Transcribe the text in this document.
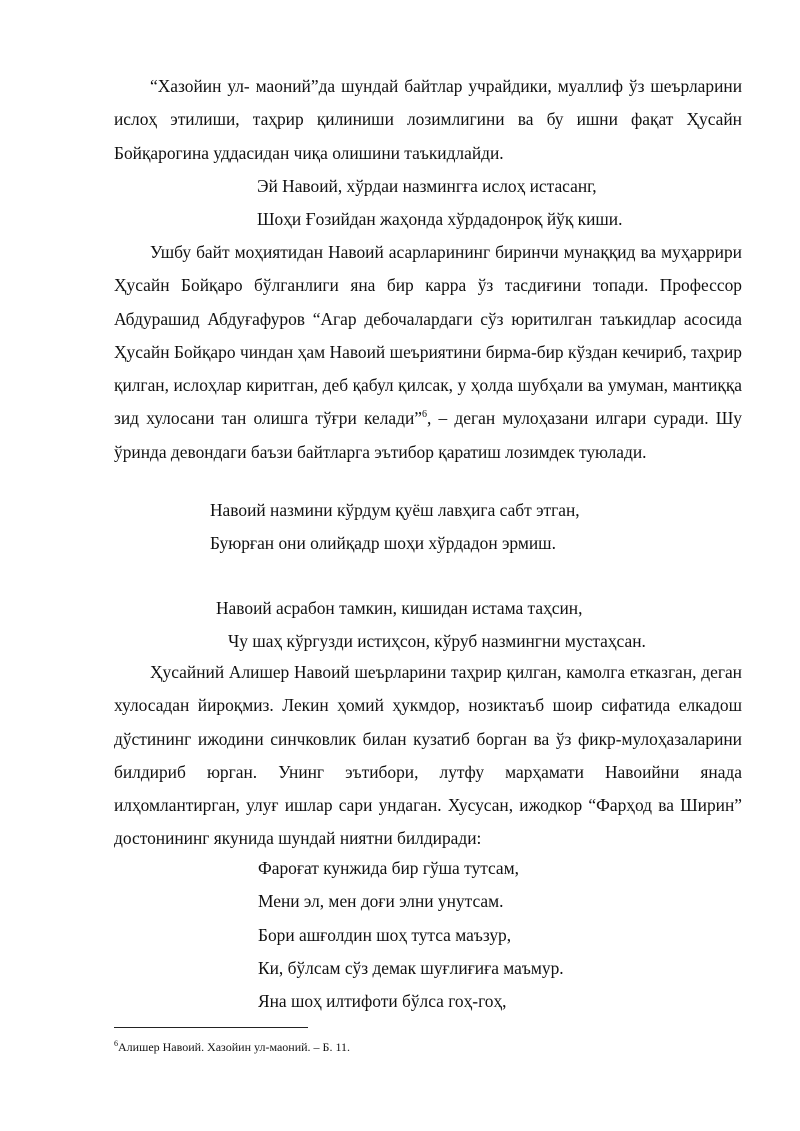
“Хазойин ул- маоний”да шундай байтлар учрайдики, муаллиф ўз шеърларини ислоҳ этилиши, таҳрир қилиниши лозимлигини ва бу ишни фақат Ҳусайн Бойқарогина уддасидан чиқа олишини таъкидлайди.

Эй Навоий, хўрдаи назмингға ислоҳ истасанг,
Шоҳи Ғозийдан жаҳонда хўрдадонроқ йўқ киши.

Ушбу байт моҳиятидан Навоий асарларининг биринчи мунаққид ва муҳаррири Ҳусайн Бойқаро бўлганлиги яна бир карра ўз тасдиғини топади. Профессор Абдурашид Абдуғафуров “Агар дебочалардаги сўз юритилган таъкидлар асосида Ҳусайн Бойқаро чиндан ҳам Навоий шеъриятини бирма-бир кўздан кечириб, таҳрир қилган, ислоҳлар киритган, деб қабул қилсак, у ҳолда шубҳали ва умуман, мантиққа зид хулосани тан олишга тўғри келади”$^6$, – деган мулоҳазани илгари суради. Шу ўринда девондаги баъзи байтларга эътибор қаратиш лозимдек туюлади.

Навоий назмини кўрдум қуёш лавҳига сабт этган,
Буюрған они олийқадр шоҳи хўрдадон эрмиш.
Навоий асрабон тамкин, кишидан истама таҳсин,
Чу шаҳ кўргузди истиҳсон, кўруб назмингни мустаҳсан.

Ҳусайний Алишер Навоий шеърларини таҳрир қилган, камолга етказган, деган хулосадан йироқмиз. Лекин ҳомий ҳукмдор, нозиктаъб шоир сифатида елкадош дўстининг ижодини синчковлик билан кузатиб борган ва ўз фикр-мулоҳазаларини билдириб юрган. Унинг эътибори, лутфу марҳамати Навоийни янада илҳомлантирган, улуғ ишлар сари ундаган. Хусусан, ижодкор “Фарҳод ва Ширин” достонининг якунида шундай ниятни билдиради:

Фароғат кунжида бир гўша тутсам,
Мени эл, мен доғи элни унутсам.
Бори ашғолдин шоҳ тутса маъзур,
Ки, бўлсам сўз демак шуғлиғиға маъмур.
Яна шоҳ илтифоти бўлса гоҳ-гоҳ,
$^6$Алишер Навоий. Хазойин ул-маоний. – Б. 11.
